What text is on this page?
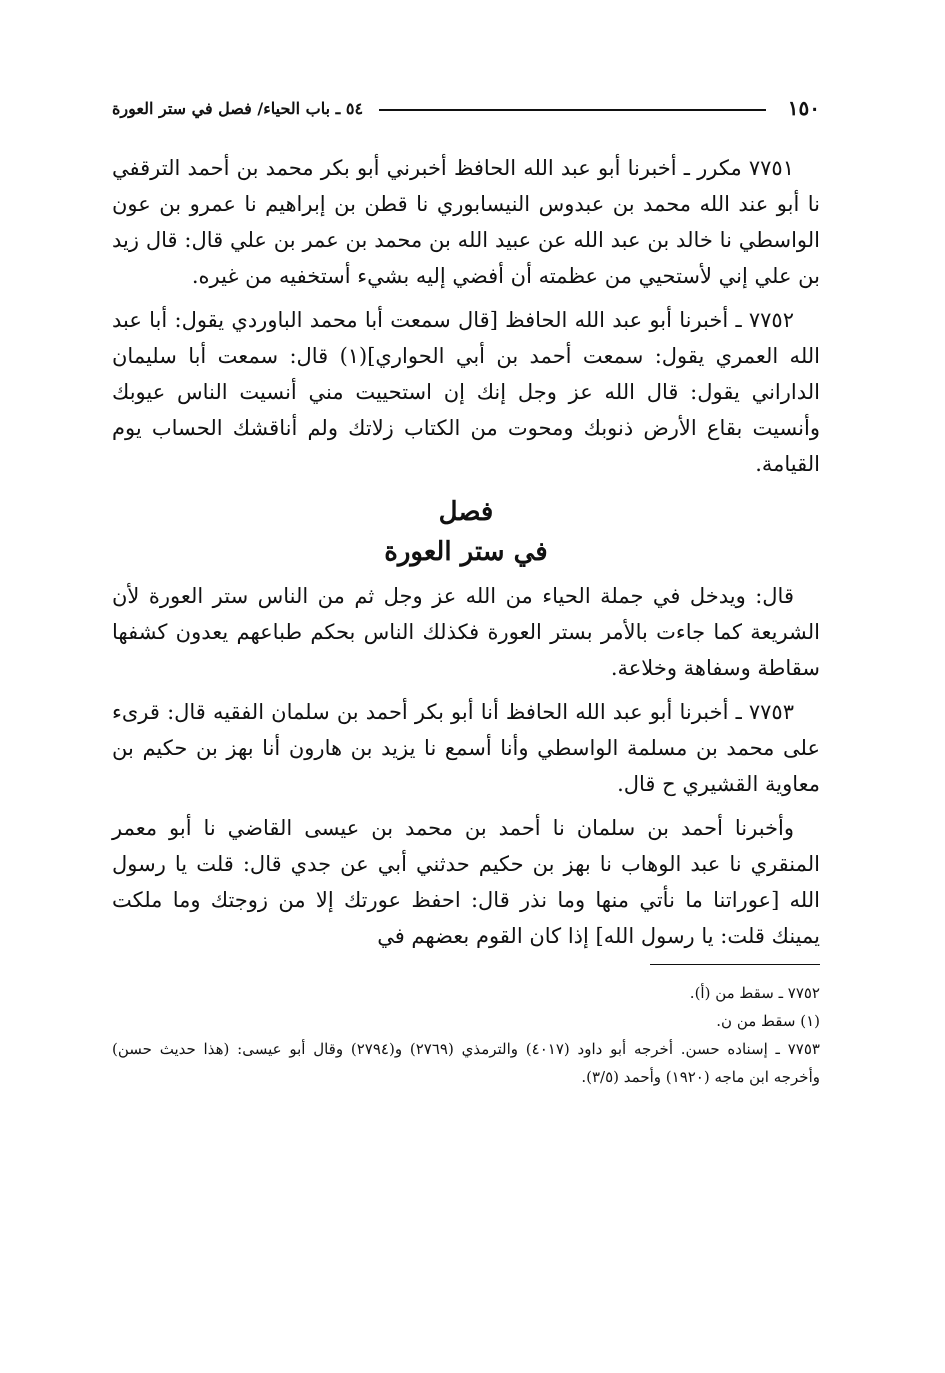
١٥٠
٥٤ ـ باب الحياء/ فصل في ستر العورة

٧٧٥١ مكرر ـ أخبرنا أبو عبد الله الحافظ أخبرني أبو بكر محمد بن أحمد الترقفي نا أبو عند الله محمد بن عبدوس النيسابوري نا قطن بن إبراهيم نا عمرو بن عون الواسطي نا خالد بن عبد الله عن عبيد الله بن محمد بن عمر بن علي قال: قال زيد بن علي إني لأستحيي من عظمته أن أفضي إليه بشيء أستخفيه من غيره.

٧٧٥٢ ـ أخبرنا أبو عبد الله الحافظ [قال سمعت أبا محمد الباوردي يقول: أبا عبد الله العمري يقول: سمعت أحمد بن أبي الحواري](١) قال: سمعت أبا سليمان الداراني يقول: قال الله عز وجل إنك إن استحييت مني أنسيت الناس عيوبك وأنسيت بقاع الأرض ذنوبك ومحوت من الكتاب زلاتك ولم أناقشك الحساب يوم القيامة.

فصل
في ستر العورة

قال: ويدخل في جملة الحياء من الله عز وجل ثم من الناس ستر العورة لأن الشريعة كما جاءت بالأمر بستر العورة فكذلك الناس بحكم طباعهم يعدون كشفها سقاطة وسفاهة وخلاعة.

٧٧٥٣ ـ أخبرنا أبو عبد الله الحافظ أنا أبو بكر أحمد بن سلمان الفقيه قال: قرىء على محمد بن مسلمة الواسطي وأنا أسمع نا يزيد بن هارون أنا بهز بن حكيم بن معاوية القشيري ح قال.

وأخبرنا أحمد بن سلمان نا أحمد بن محمد بن عيسى القاضي نا أبو معمر المنقري نا عبد الوهاب نا بهز بن حكيم حدثني أبي عن جدي قال: قلت يا رسول الله [عوراتنا ما نأتي منها وما نذر قال: احفظ عورتك إلا من زوجتك وما ملكت يمينك قلت: يا رسول الله] إذا كان القوم بعضهم في

٧٧٥٢ ـ سقط من (أ).

(١) سقط من ن.

٧٧٥٣ ـ إسناده حسن. أخرجه أبو داود (٤٠١٧) والترمذي (٢٧٦٩) و(٢٧٩٤) وقال أبو عيسى: (هذا حديث حسن) وأخرجه ابن ماجه (١٩٢٠) وأحمد (٣/٥).
